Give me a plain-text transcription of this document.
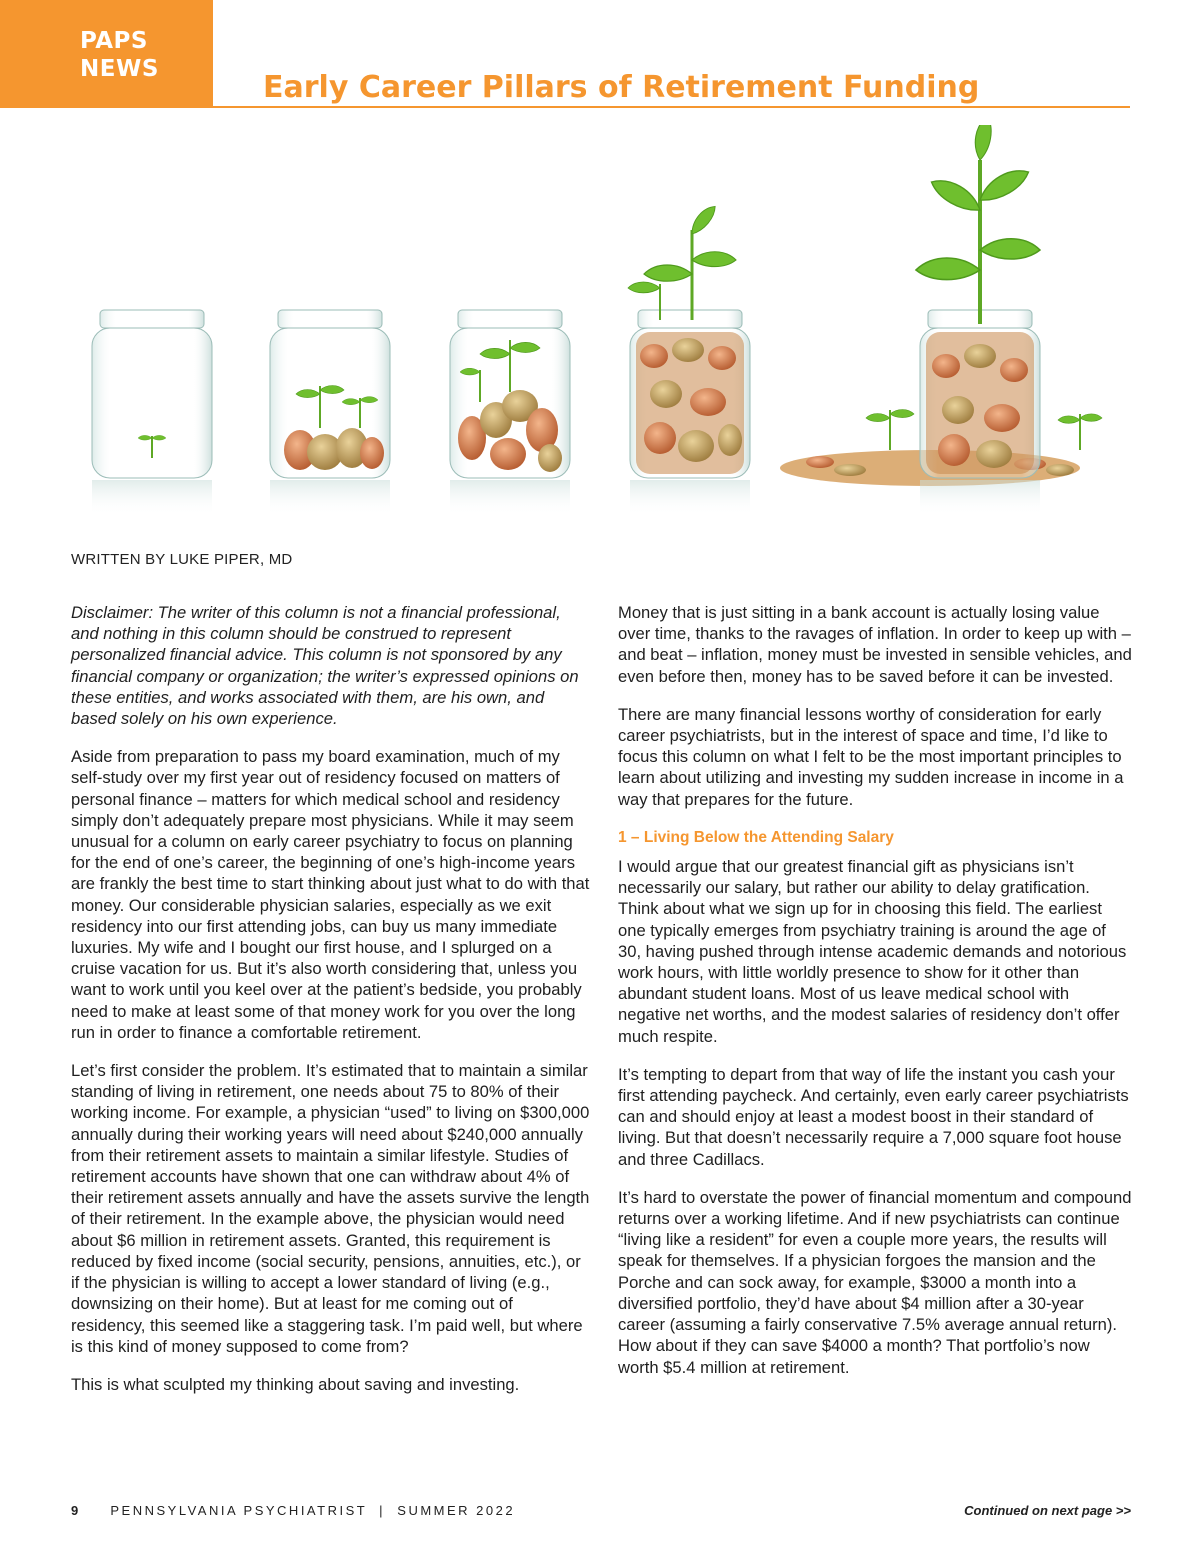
PAPS
NEWS
Early Career Pillars of Retirement Funding
WRITTEN BY LUKE PIPER, MD

Disclaimer: The writer of this column is not a financial professional, and nothing in this column should be construed to represent personalized financial advice. This column is not sponsored by any financial company or organization; the writer’s expressed opinions on these entities, and works associated with them, are his own, and based solely on his own experience.

Aside from preparation to pass my board examination, much of my self-study over my first year out of residency focused on matters of personal finance – matters for which medical school and residency simply don’t adequately prepare most physicians. While it may seem unusual for a column on early career psychiatry to focus on planning for the end of one’s career, the beginning of one’s high-income years are frankly the best time to start thinking about just what to do with that money. Our considerable physician salaries, especially as we exit residency into our first attending jobs, can buy us many immediate luxuries. My wife and I bought our first house, and I splurged on a cruise vacation for us. But it’s also worth considering that, unless you want to work until you keel over at the patient’s bedside, you probably need to make at least some of that money work for you over the long run in order to finance a comfortable retirement.

Let’s first consider the problem. It’s estimated that to maintain a similar standing of living in retirement, one needs about 75 to 80% of their working income. For example, a physician “used” to living on $300,000 annually during their working years will need about $240,000 annually from their retirement assets to maintain a similar lifestyle. Studies of retirement accounts have shown that one can withdraw about 4% of their retirement assets annually and have the assets survive the length of their retirement. In the example above, the physician would need about $6 million in retirement assets. Granted, this requirement is reduced by fixed income (social security, pensions, annuities, etc.), or if the physician is willing to accept a lower standard of living (e.g., downsizing on their home). But at least for me coming out of residency, this seemed like a staggering task. I’m paid well, but where is this kind of money supposed to come from?

This is what sculpted my thinking about saving and investing.

Money that is just sitting in a bank account is actually losing value over time, thanks to the ravages of inflation. In order to keep up with – and beat – inflation, money must be invested in sensible vehicles, and even before then, money has to be saved before it can be invested.

There are many financial lessons worthy of consideration for early career psychiatrists, but in the interest of space and time, I’d like to focus this column on what I felt to be the most important principles to learn about utilizing and investing my sudden increase in income in a way that prepares for the future.

1 – Living Below the Attending Salary

I would argue that our greatest financial gift as physicians isn’t necessarily our salary, but rather our ability to delay gratification. Think about what we sign up for in choosing this field. The earliest one typically emerges from psychiatry training is around the age of 30, having pushed through intense academic demands and notorious work hours, with little worldly presence to show for it other than abundant student loans. Most of us leave medical school with negative net worths, and the modest salaries of residency don’t offer much respite.

It’s tempting to depart from that way of life the instant you cash your first attending paycheck. And certainly, even early career psychiatrists can and should enjoy at least a modest boost in their standard of living. But that doesn’t necessarily require a 7,000 square foot house and three Cadillacs.

It’s hard to overstate the power of financial momentum and compound returns over a working lifetime. And if new psychiatrists can continue “living like a resident” for even a couple more years, the results will speak for themselves. If a physician forgoes the mansion and the Porche and can sock away, for example, $3000 a month into a diversified portfolio, they’d have about $4 million after a 30-year career (assuming a fairly conservative 7.5% average annual return). How about if they can save $4000 a month? That portfolio’s now worth $5.4 million at retirement.

9 PENNSYLVANIA PSYCHIATRIST  |  SUMMER 2022	Continued on next page >>
